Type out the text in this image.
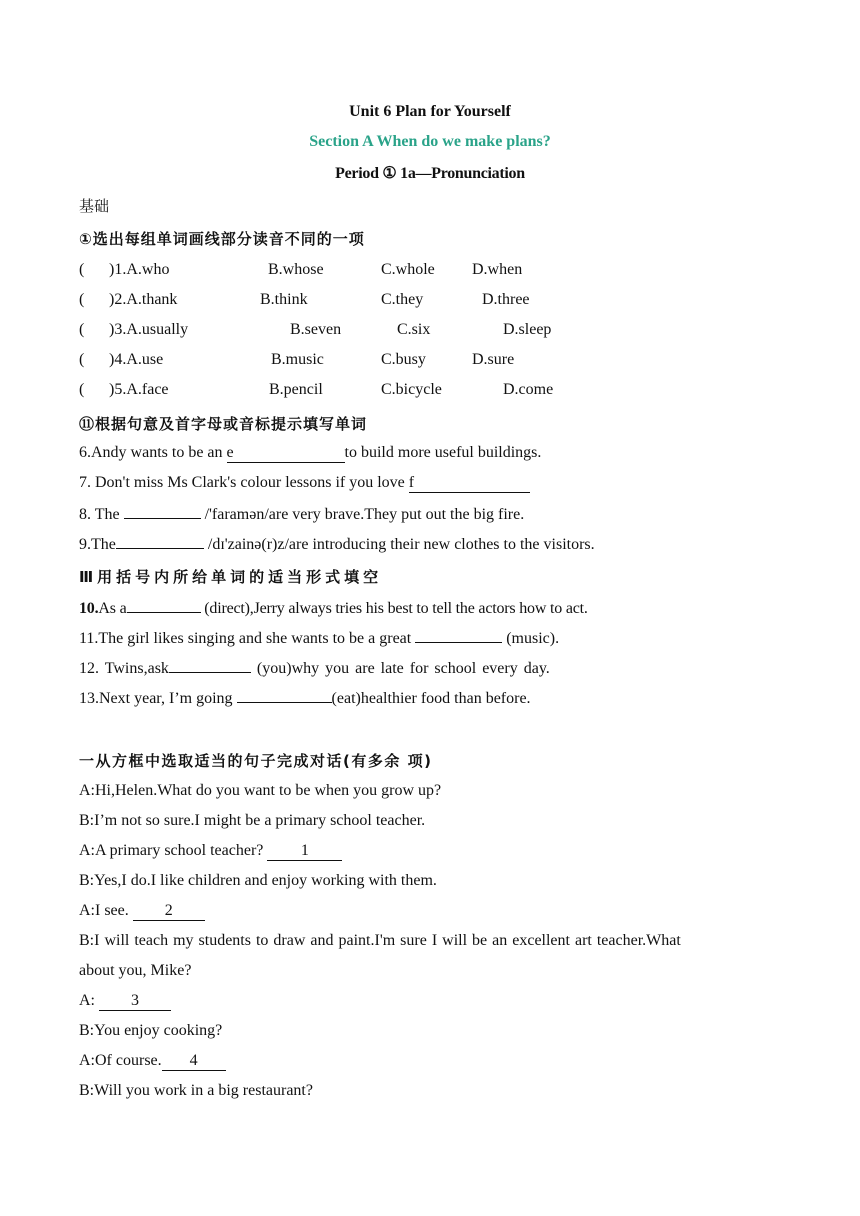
Unit 6 Plan for Yourself
Section A When do we make plans?
Period ① 1a—Pronunciation
基础
①选出每组单词画线部分读音不同的一项
( )1.A.who	B.whose	C.whole D.when
( )2.A.thank	B.think	C.they	D.three
( )3.A.usually	B.seven	C.six	D.sleep
( )4.A.use	B.music	C.busy	D.sure
( )5.A.face	B.pencil	C.bicycle	D.come
⑪根据句意及首字母或音标提示填写单词
6.Andy wants to be an e	to build more useful buildings.
7. Don't miss Ms Clark's colour lessons if you love f
8. The	/'faramən/are very brave.They put out the big fire.
9.The	/dɪ'zainə(r)z/are introducing their new clothes to the visitors.
Ⅲ用括号内所给单词的适当形式填空
10.As a	(direct),Jerry always tries his best to tell the actors how to act.
11.The girl likes singing and she wants to be a great	(music).
12. Twins,ask	(you)why you are late for school every day.
13.Next year, I’m going	(eat)healthier food than before.
一从方框中选取适当的句子完成对话(有多余 项)
A:Hi,Helen.What do you want to be when you grow up?
B:I’m not so sure.I might be a primary school teacher.
A:A primary school teacher? 1
B:Yes,I do.I like children and enjoy working with them.
A:I see. 2
B:I will teach my students to draw and paint.I'm sure I will be an excellent art teacher.What
about you, Mike?
A: 3
B:You enjoy cooking?
A:Of course. 4
B:Will you work in a big restaurant?
